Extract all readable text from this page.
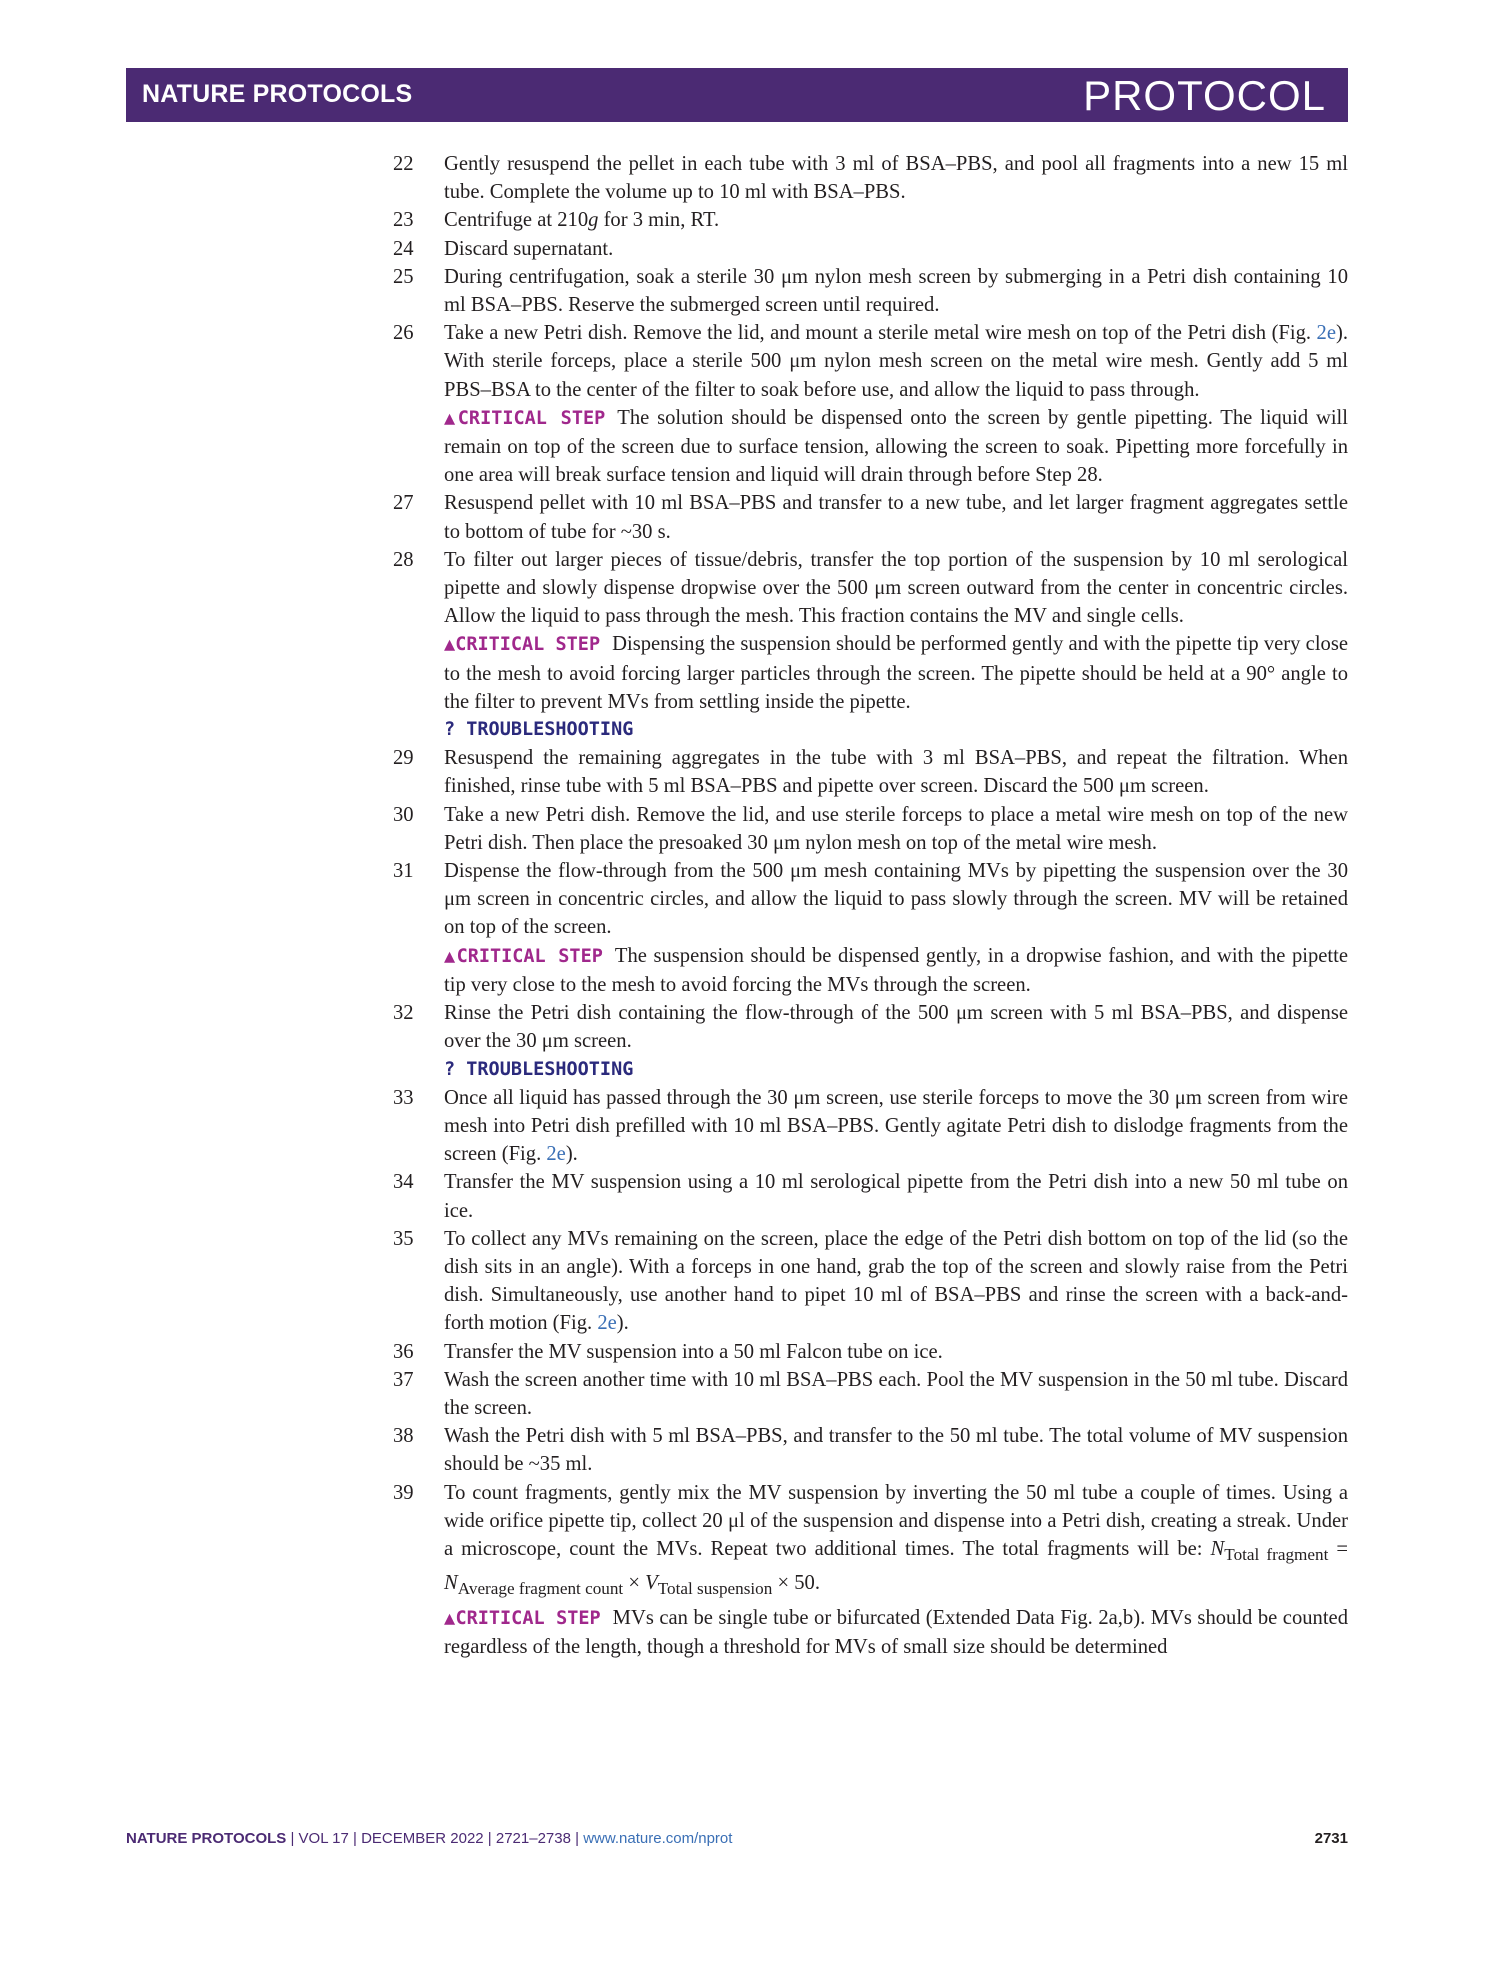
NATURE PROTOCOLS	PROTOCOL
22 Gently resuspend the pellet in each tube with 3 ml of BSA–PBS, and pool all fragments into a new 15 ml tube. Complete the volume up to 10 ml with BSA–PBS.
23 Centrifuge at 210g for 3 min, RT.
24 Discard supernatant.
25 During centrifugation, soak a sterile 30 μm nylon mesh screen by submerging in a Petri dish containing 10 ml BSA–PBS. Reserve the submerged screen until required.
26 Take a new Petri dish. Remove the lid, and mount a sterile metal wire mesh on top of the Petri dish (Fig. 2e). With sterile forceps, place a sterile 500 μm nylon mesh screen on the metal wire mesh. Gently add 5 ml PBS–BSA to the center of the filter to soak before use, and allow the liquid to pass through.
▲CRITICAL STEP The solution should be dispensed onto the screen by gentle pipetting. The liquid will remain on top of the screen due to surface tension, allowing the screen to soak. Pipetting more forcefully in one area will break surface tension and liquid will drain through before Step 28.
27 Resuspend pellet with 10 ml BSA–PBS and transfer to a new tube, and let larger fragment aggregates settle to bottom of tube for ~30 s.
28 To filter out larger pieces of tissue/debris, transfer the top portion of the suspension by 10 ml serological pipette and slowly dispense dropwise over the 500 μm screen outward from the center in concentric circles. Allow the liquid to pass through the mesh. This fraction contains the MV and single cells.
▲CRITICAL STEP Dispensing the suspension should be performed gently and with the pipette tip very close to the mesh to avoid forcing larger particles through the screen. The pipette should be held at a 90° angle to the filter to prevent MVs from settling inside the pipette.
? TROUBLESHOOTING
29 Resuspend the remaining aggregates in the tube with 3 ml BSA–PBS, and repeat the filtration. When finished, rinse tube with 5 ml BSA–PBS and pipette over screen. Discard the 500 μm screen.
30 Take a new Petri dish. Remove the lid, and use sterile forceps to place a metal wire mesh on top of the new Petri dish. Then place the presoaked 30 μm nylon mesh on top of the metal wire mesh.
31 Dispense the flow-through from the 500 μm mesh containing MVs by pipetting the suspension over the 30 μm screen in concentric circles, and allow the liquid to pass slowly through the screen. MV will be retained on top of the screen.
▲CRITICAL STEP The suspension should be dispensed gently, in a dropwise fashion, and with the pipette tip very close to the mesh to avoid forcing the MVs through the screen.
32 Rinse the Petri dish containing the flow-through of the 500 μm screen with 5 ml BSA–PBS, and dispense over the 30 μm screen.
? TROUBLESHOOTING
33 Once all liquid has passed through the 30 μm screen, use sterile forceps to move the 30 μm screen from wire mesh into Petri dish prefilled with 10 ml BSA–PBS. Gently agitate Petri dish to dislodge fragments from the screen (Fig. 2e).
34 Transfer the MV suspension using a 10 ml serological pipette from the Petri dish into a new 50 ml tube on ice.
35 To collect any MVs remaining on the screen, place the edge of the Petri dish bottom on top of the lid (so the dish sits in an angle). With a forceps in one hand, grab the top of the screen and slowly raise from the Petri dish. Simultaneously, use another hand to pipet 10 ml of BSA–PBS and rinse the screen with a back-and-forth motion (Fig. 2e).
36 Transfer the MV suspension into a 50 ml Falcon tube on ice.
37 Wash the screen another time with 10 ml BSA–PBS each. Pool the MV suspension in the 50 ml tube. Discard the screen.
38 Wash the Petri dish with 5 ml BSA–PBS, and transfer to the 50 ml tube. The total volume of MV suspension should be ~35 ml.
39 To count fragments, gently mix the MV suspension by inverting the 50 ml tube a couple of times. Using a wide orifice pipette tip, collect 20 μl of the suspension and dispense into a Petri dish, creating a streak. Under a microscope, count the MVs. Repeat two additional times. The total fragments will be: $N_{Total fragment} = N_{Average fragment count} \times V_{Total suspension} \times 50$.
▲CRITICAL STEP MVs can be single tube or bifurcated (Extended Data Fig. 2a,b). MVs should be counted regardless of the length, though a threshold for MVs of small size should be determined
NATURE PROTOCOLS | VOL 17 | DECEMBER 2022 | 2721–2738 | www.nature.com/nprot	2731
